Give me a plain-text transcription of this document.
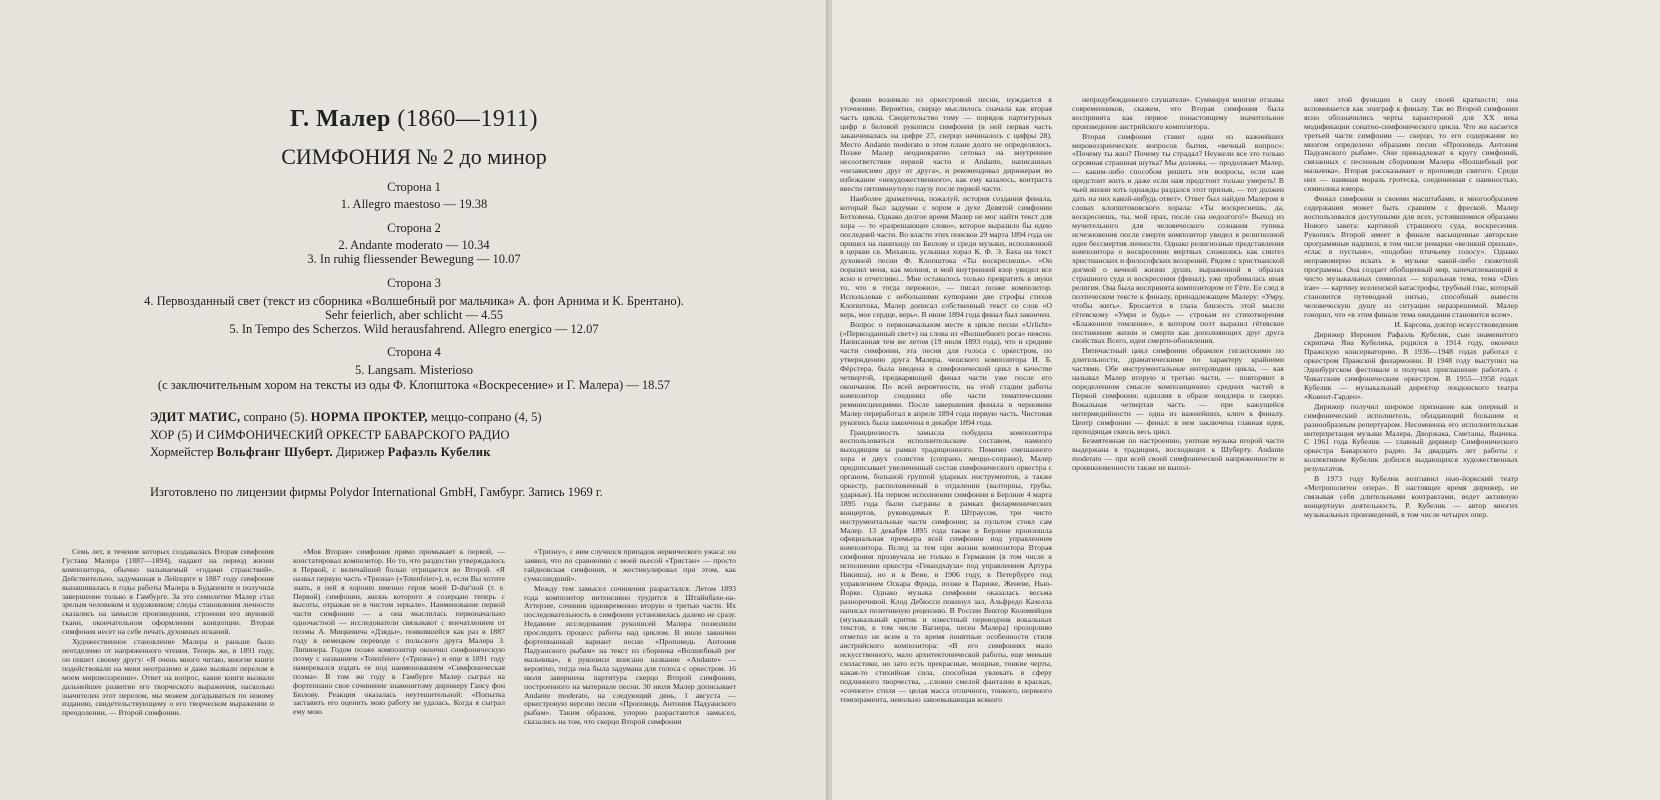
Г. Малер (1860—1911)
СИМФОНИЯ № 2 до минор
Сторона 1
1. Allegro maestoso — 19.38
Сторона 2
2. Andante moderato — 10.34
3. In ruhig fliessender Bewegung — 10.07
Сторона 3
4. Первозданный свет (текст из сборника «Волшебный рог мальчика» А. фон Арнима и К. Брентано).
Sehr feierlich, aber schlicht — 4.55
5. In Tempo des Scherzos. Wild herausfahrend. Allegro energico — 12.07
Сторона 4
5. Langsam. Misterioso
(с заключительным хором на тексты из оды Ф. Клопштока «Воскресение» и Г. Малера) — 18.57
ЭДИТ МАТИС, сопрано (5). НОРМА ПРОКТЕР, меццо-сопрано (4, 5)
ХОР (5) И СИМФОНИЧЕСКИЙ ОРКЕСТР БАВАРСКОГО РАДИО
Хормейстер Вольфганг Шуберт. Дирижер Рафаэль Кубелик
Изготовлено по лицензии фирмы Polydor International GmbH, Гамбург. Запись 1969 г.

Семь лет, в течение которых создавалась Вторая симфония Густава Малера (1887—1894), падают на период жизни композитора, обычно называемый «годами странствий». Действительно, задуманная в Лейпциге в 1887 году симфония вынашивалась в годы работы Малера в Будапеште и получила завершение только в Гамбурге. За это семилетие Малер стал зрелым человеком и художником; следы становления личности сказались на замысле произведения, строении его звуковой ткани, окончательном оформлении концепции. Вторая симфония несет на себе печать духовных исканий.

Художественное становление Малера и раньше было неотделимо от напряженного чтения. Теперь же, в 1891 году, он пишет своему другу: «Я очень много читаю, многие книги подействовали на меня неотразимо и даже вызвали перелом в моем мировоззрении». Ответ на вопрос, какие книги вызвали дальнейшее развитие его творческого выражения, насколько значителен этот перелом, мы можем догадываться по новому изданию, свидетельствующему о его творческом выражении и преодолении, — Второй симфонии.

«Моя Вторая» симфония прямо примыкает к первой, — констатировал композитор. Но то, что раздостно утверждалось в Первой, с величайшей болью отрицается во Второй. «Я назвал первую часть «Тризна» («Totenfeier»), и, если Вы хотите знать, в ней я хороню именно героя моей D-dur'ной (т. е. Первой) симфонии, жизнь которого я созерцаю теперь с высоты, отражая ее в чистом зеркале». Наименование первой части симфонии — а она мыслилась первоначально одночастной — исследователи связывают с впечатлением от поэмы А. Мицкевича «Дзяды», появившейся как раз в 1887 году в немецком переводе с польского друга Малера З. Липинера. Годом позже композитор окончил симфоническую поэму с названием «Totenfeier» («Тризна») и еще в 1891 году намеревался издать ее под наименованием «Симфоническая поэма». В том же году в Гамбурге Малер сыграл на фортепиано свое сочинение знаменитому дирижеру Гансу фон Бюлову. Реакция оказалась неутешительной: «Попытка заставить его оценить мою работу не удалась. Когда я сыграл ему мою

«Тризну», с ним случился припадок нервического ужаса: он заявил, что по сравнению с моей пьесой «Тристан» — просто гайдновская симфония, и жестикулировал при этом, как сумасшедший».

Между тем замысел сочинения разрастался. Летом 1893 года композитор интенсивно трудится в Штайнбахе-на-Аттерзее, сочинив одновременно вторую и третью части. Их последовательность в симфонии установилась далеко не сразу. Недавние исследования рукописей Малера позволили проследить процесс работы над циклом. В июле закончен фортепианный вариант песни «Проповедь Антония Падуанского рыбам» на текст из сборника «Волшебный рог мальчика», в рукописи вписано название «Andante» — вероятно, тогда она была задумана для голоса с оркестром. 16 июля завершена партитура скерцо Второй симфонии, построенного на материале песни. 30 июля Малер дописывает Andante moderato, на следующий день, 1 августа — оркестровую версию песни «Проповедь Антония Падуанского рыбам». Таким образом, упорно разрастаются замысел, сказались на том, что скерцо Второй симфонии

фонии возникло из оркестровой песни, нуждается в уточнении. Вероятно, скерцо мыслилось сначала как вторая часть цикла. Свидетельство тому — порядок партитурных цифр в беловой рукописи симфонии (в ней первая часть заканчивалась на цифре 27, скерцо начиналось с цифры 28). Место Andante moderato в этом плане долго не определялось. Позже Малер неоднократно сетовал на внутреннее несоответствие первой части и Andante, написанных «независимо друг от друга», и рекомендовал дирижерам во избежание «некудожественного», как ему казалось, контраста ввести пятиминутную паузу после первой части.

Наиболее драматична, пожалуй, история создания финала, который был задуман с хором в духе Девятой симфонии Бетховена. Однако долгое время Малер не мог найти текст для хора — то «разрешающее слово», которое выразило бы идею последней части. Во власти этих поисков 29 марта 1894 года он пришел на панихиду по Бюлову и среди музыки, исполненной в церкви св. Михаила, услышал хорал К. Ф. Э. Баха на текст духовной песни Ф. Клопштока «Ты воскреснешь». «Он поразил меня, как молния, и мой внутренний взор увидел все ясно и отчетливо... Мне оставалось только превратить в звуки то, что я тогда пережил», — писал позже композитор. Использовав с небольшими купюрами две строфы стихов Клопштока, Малер дописал собственный текст со слов «О верь, мое сердце, верь». В июне 1894 года финал был закончен.

Вопрос о первоначальном месте в цикле песни «Urlicht» («Первозданный свет») на слова из «Волшебного рога» неясен. Написанная тем же летом (19 июля 1893 года), что и средние части симфонии, эта песня для голоса с оркестром, по утверждению друга Малера, чешского композитора И. Б. Фёрстера, была введена в симфонический цикл в качестве четвертой, предваряющей финал части уже после его окончания. По всей вероятности, на этой стадии работы композитор соединил обе части тематическими реминисценциями. После завершения финала в черновике Малер переработал в апреле 1894 года первую часть. Чистовая рукопись была закончена в декабре 1894 года.

Грандиозность замысла побудила композитора воспользоваться исполнительским составом, намного выходящим за рамки традиционного. Помимо смешанного хора и двух солистов (сопрано, меццо-сопрано), Малер предписывает увеличенный состав симфонического оркестра с органом, большой группой ударных инструментов, а также оркестр, расположенный в отдалении (валторны, трубы, ударные). На первом исполнении симфонии в Берлине 4 марта 1895 года были сыграны в рамках филармонических концертов, руководимых Р. Штраусом, три чисто инструментальные части симфонии; за пультом стоял сам Малер. 13 декабря 1895 года также в Берлине произошла официальная премьера всей симфонии под управлением композитора. Вслед за тем при жизни композитора Вторая симфония прозвучала не только в Германии (в том числе в исполнении оркестра «Гевандхауза» под управлением Артура Никиша), но и в Вене, в 1906 году, в Петербурге под управлением Оскара Фрида, позже в Париже, Женеве, Нью-Йорке. Однако музыка симфонии оказалась весьма разноречивой. Клод Дебюсси покинул зал, Альфредо Казелла написал позитивную рецензию. В России Виктор Коломийцов (музыкальный критик и известный переводчик вокальных текстов, в том числе Вагнера, песен Малера) прозорливо отметил не всем в то время понятные особенности стиля австрийского композитора: «В его симфониях мало искусственного, мало архитектонической работы, еще меньше схоластики, но зато есть прекрасные, мощные, тонкие черты, какая-то стихийная сила, способная увлекать в сферу подлинного творчества, ...словно смелой фантазии в красках, «сочного» стиля — целая масса отличного, тонкого, нервного темперамента, невольно завоевывающая всякого

непредубежденного слушателя». Суммируя многие отзывы современников, скажем, что Вторая симфония была воспринята как первое понастоящему значительное произведение австрийского композитора.

Вторая симфония ставит один из важнейших мировоззренческих вопросов бытия, «вечный вопрос»: «Почему ты жил? Почему ты страдал? Неужели все это только огромная страшная шутка? Мы должны, — продолжает Малер, — каким-либо способом решить эти вопросы, если нам предстоит жить и даже если нам предстоит только умереть! В чьей жизни хоть однажды раздался этот призыв, — тот должен дать на них какой-нибудь ответ». Ответ был найден Малером в словах клопштоковского хорала: «Ты воскреснешь, да, воскреснешь, ты, мой прах, после сна недолгого!» Выход из мучительного для человеческого сознания тупика исчезновения после смерти композитор увидел в религиозной идее бессмертия личности. Однако религиозные представления композитора о воскресении мертвых сложились как синтез христианских и философских воззрений. Рядом с христианской догмой о вечной жизни души, выраженной в образах страшного суда и воскресения (финал), уже пробивалась иная религия. Она была воспринята композитором от Гёте. Ее след в поэтическом тексте к финалу, принадлежащем Малеру: «Умру, чтобы жить». Бросается в глаза близость этой мысли гётевскому «Умри и будь» — строкам из стихотворения «Блаженное томление», в котором поэт выразил гётевское постижение жизни и смерти как дополняющих друг друга свойствах Всего, идеи смерти-обновления.

Пятичастный цикл симфонии обрамлен гигантскими по длительности, драматическими по характеру крайними частями. Обе инструментальные интерлюдии цикла, — как называл Малер вторую и третью части, — повторяют в определенном смысле композиционно средних частей в Первой симфонии: идиллия в образе лендлера и скерцо. Вокальная четвертая часть — при кажущейся интермедийности — одна из важнейших, ключ к финалу. Центр симфонии — финал: в нем заключена главная идея, проходящая сквозь весь цикл.

Безмятежная по настроению, уютная музыка второй части выдержана в традициях, восходящих к Шуберту. Andante moderato — при всей своей симфонической напряженности и проникновенности также не выпол-

няет этой функции в силу своей краткости; она вспоминается как эпиграф к финалу. Так во Второй симфонии ясно обозначились черты характерной для XX века модификации сонатно-симфонического цикла. Что же касается третьей части симфонии — скерцо, то его содержание во многом определено образами песни «Проповедь Антония Падуанского рыбам». Они принадлежат к кругу симфоний, связанных с песенным сборником Малера «Волшебный рог мальчика». Вторая рассказывает о проповеди святого. Среди них — наивная мораль гротеска, соединенная с наивностью, символика юмора.

Финал симфонии и своими масштабами, и многообразием содержания может быть сравним с фреской. Малер воспользовался доступными для всех, устоявшимися образами Нового завета: картиной страшного суда, воскресения. Рукопись Второй имеет в финале насыщенные авторские программные надписи, в том числе ремарки «великий призыв», «глас в пустыне», «подобно птичьему голосу». Однако неправомерно искать в музыке какой-либо сюжетной программы. Она создает обобщенный мир, запечатлевающий в чисто музыкальных символах — хоральная тема, тема «Dies irae» — картину вселенской катастрофы, трубный глас, который становится путеводной нитью, способный вывести человеческую душу из ситуации неразрешимой. Малер говорил, что «в этом финале тема ожидания становится всем».

И. Барсова, доктор искусствоведения

Дирижер Иероним Рафаэль Кубелик, сын знаменитого скрипача Яна Кубелика, родился в 1914 году, окончил Пражскую консерваторию. В 1936—1948 годах работал с оркестром Пражской филармонии. В 1948 году выступил на Эдинбургском фестивале и получил приглашение работать с Чикагским симфоническим оркестром. В 1955—1958 годах Кубелик — музыкальный директор лондонского театра «Ковент-Гарден».

Дирижер получил широкое признание как оперный и симфонический исполнитель, обладающий большим и разнообразным репертуаром. Несомненна его исполнительская интерпретация музыки Малера, Дворжака, Сметаны, Яначека. С 1961 года Кубелик — главный дирижер Симфонического оркестра Баварского радио. За двадцать лет работы с коллективом Кубелик добился выдающихся художественных результатов.

В 1973 году Кубелик возглавил нью-йоркский театр «Метрополитен опера». В настоящее время дирижер, не связывая себя длительными контрактами, ведет активную концертную деятельность. Р. Кубелик — автор многих музыкальных произведений, в том числе четырех опер.
